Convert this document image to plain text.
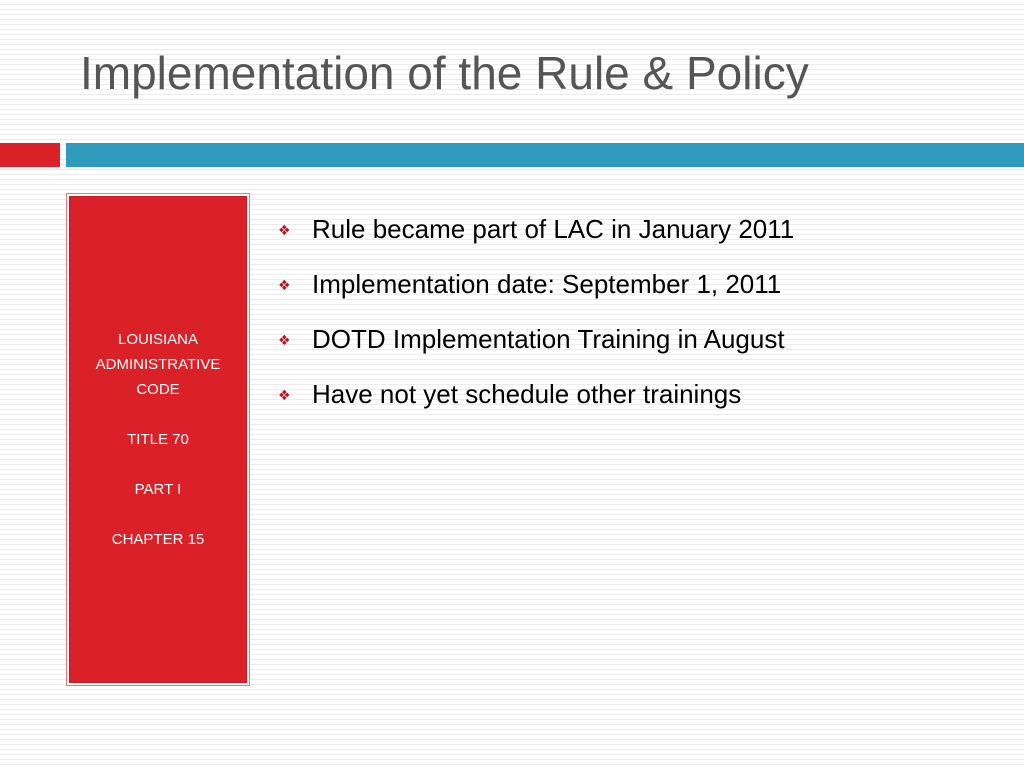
Implementation of the Rule & Policy

LOUISIANA

ADMINISTRATIVE

CODE

TITLE 70

PART I

CHAPTER 15

❖ Rule became part of LAC in January 2011
❖ Implementation date: September 1, 2011
❖ DOTD Implementation Training in August
❖ Have not yet schedule other trainings
